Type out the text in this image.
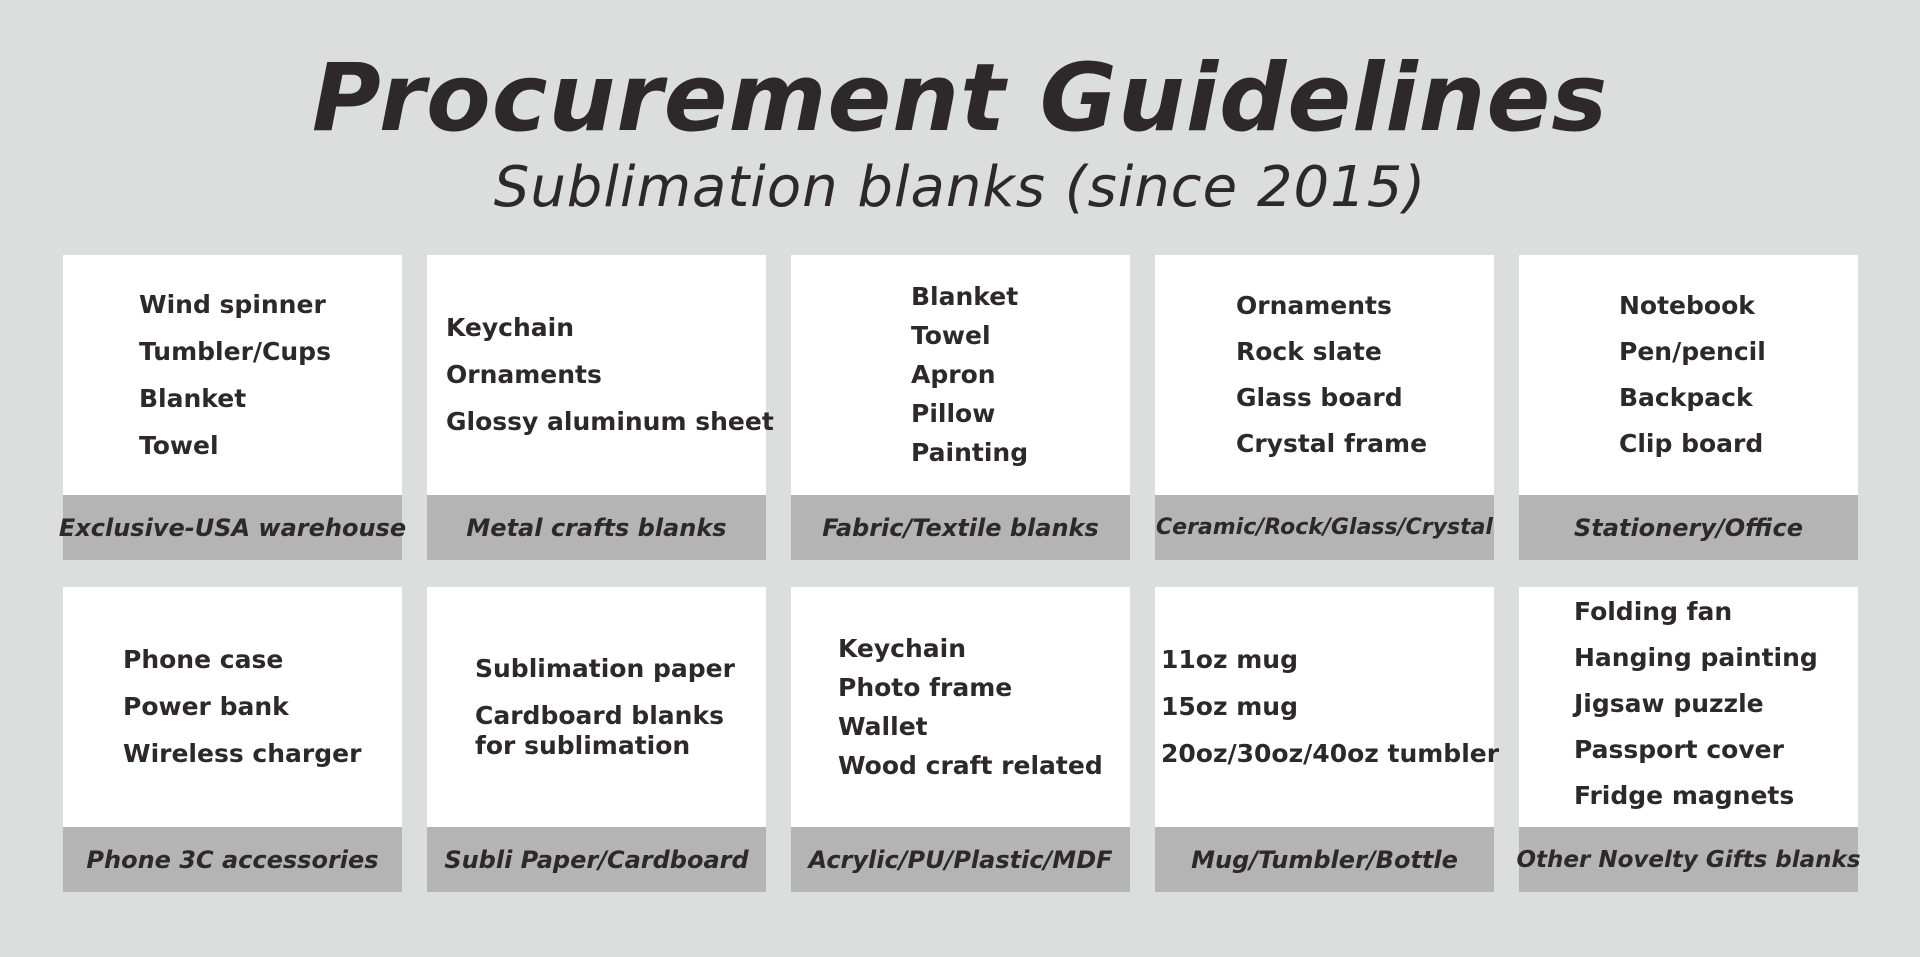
Procurement Guidelines
Sublimation blanks (since 2015)
Wind spinner
Tumbler/Cups
Blanket
Towel
Exclusive-USA warehouse
Keychain
Ornaments
Glossy aluminum sheet
Metal crafts blanks
Blanket
Towel
Apron
Pillow
Painting
Fabric/Textile blanks
Ornaments
Rock slate
Glass board
Crystal frame
Ceramic/Rock/Glass/Crystal
Notebook
Pen/pencil
Backpack
Clip board
Stationery/Office
Phone case
Power bank
Wireless charger
Phone 3C accessories
Sublimation paper
Cardboard blanks
for sublimation
Subli Paper/Cardboard
Keychain
Photo frame
Wallet
Wood craft related
Acrylic/PU/Plastic/MDF
11oz mug
15oz mug
20oz/30oz/40oz tumbler
Mug/Tumbler/Bottle
Folding fan
Hanging painting
Jigsaw puzzle
Passport cover
Fridge magnets
Other Novelty Gifts blanks
